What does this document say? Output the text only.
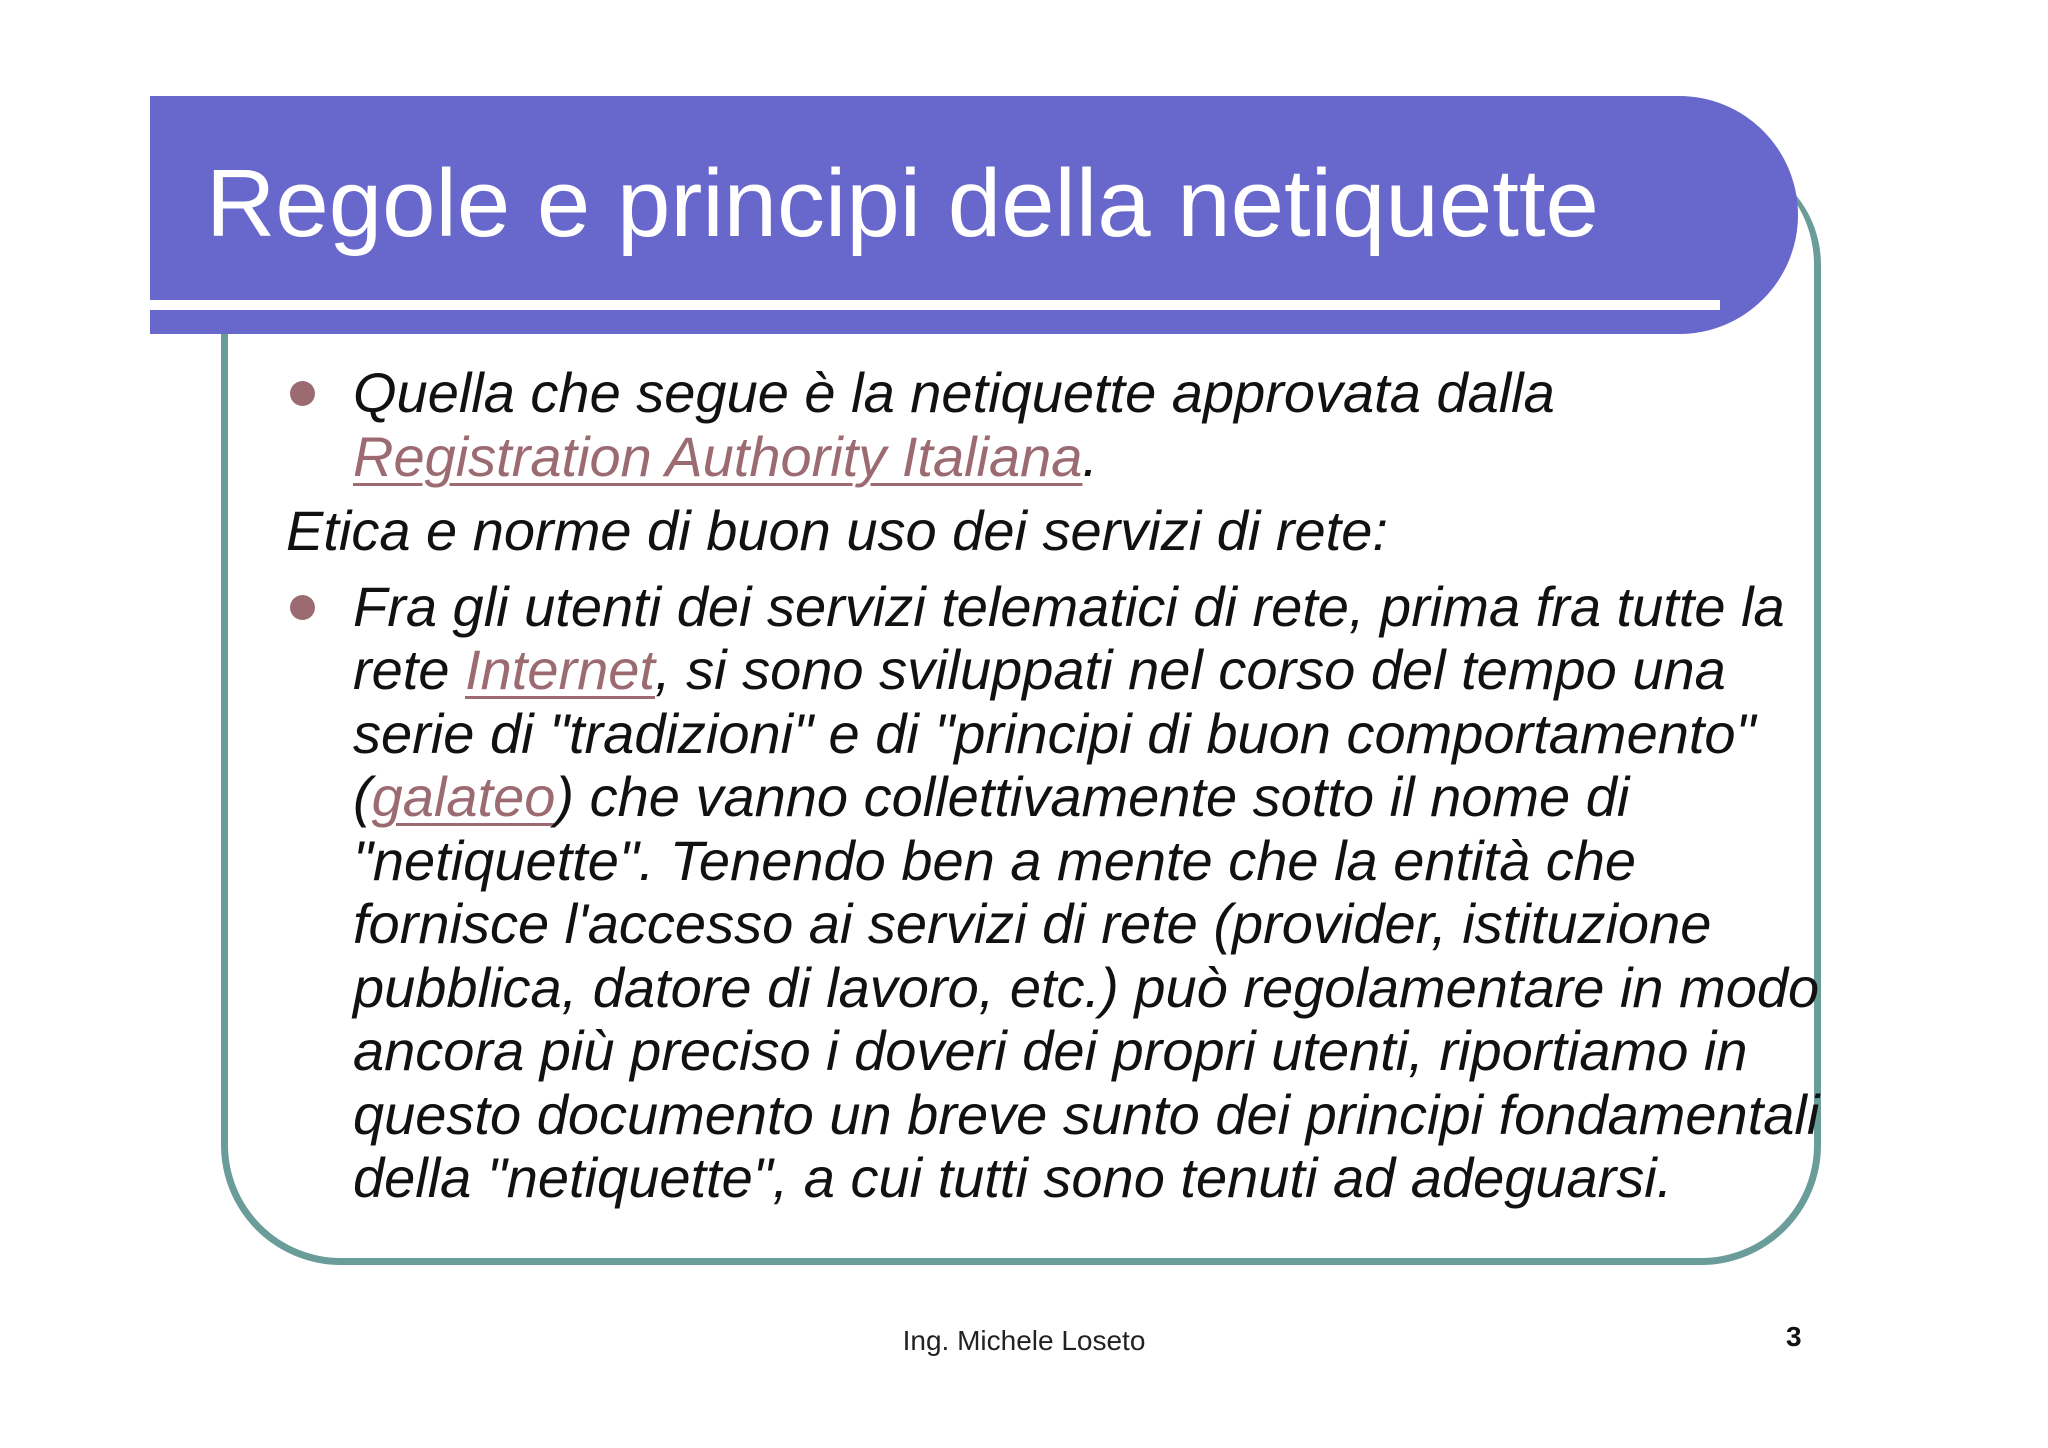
Regole e principi della netiquette
Quella che segue è la netiquette approvata dalla Registration Authority Italiana.
Etica e norme di buon uso dei servizi di rete:
Fra gli utenti dei servizi telematici di rete, prima fra tutte la rete Internet, si sono sviluppati nel corso del tempo una serie di "tradizioni" e di "principi di buon comportamento" (galateo) che vanno collettivamente sotto il nome di "netiquette". Tenendo ben a mente che la entità che fornisce l'accesso ai servizi di rete (provider, istituzione pubblica, datore di lavoro, etc.) può regolamentare in modo ancora più preciso i doveri dei propri utenti, riportiamo in questo documento un breve sunto dei principi fondamentali della "netiquette", a cui tutti sono tenuti ad adeguarsi.
Ing. Michele Loseto	3
